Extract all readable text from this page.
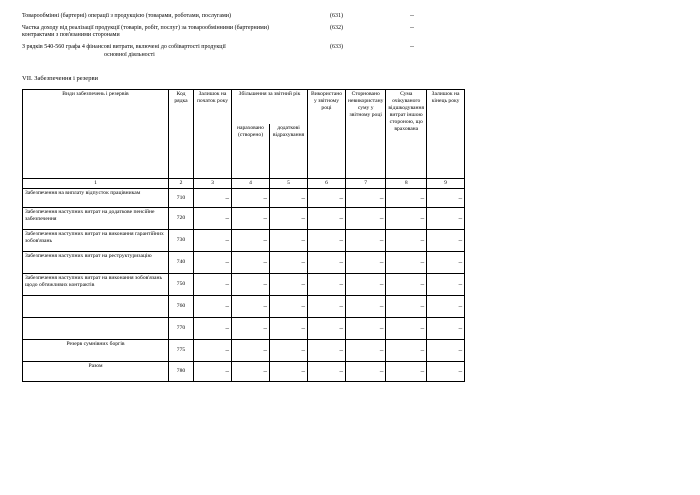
Товарообмінні (бартерні) операції з продукцією (товарами, роботами, послугами)	(631)	--
Частка доходу від реалізації продукції (товарів, робіт, послуг) за товарообмінними (бартерними)
контрактами з пов'язаними сторонами
(632)	--
З рядків 540-560 графа 4 фінансові витрати, включені до собівартості продукції
основної діяльності
(633)	--
VII. Забезпечення і резерви
Види забезпечень і резервів	Код рядка	Залишок на початок року	Збільшення за звітний рік		Використано у звітному році	Сторновано невикористану суму у звітному році	Сума очікуваного відшкодування витрат іншою стороною, що врахована	Залишок на кінець року
			нараховано (створено)	додаткові відрахування				
1	2	3	4	5	6	7	8	9
Забезпечення на виплату відпусток працівникам	710	–	–	–	–	–	–	–
Забезпечення наступних витрат на додаткове пенсійне забезпечення	720	–	–	–	–	–	–	–
Забезпечення наступних витрат на виконання гарантійних зобов'язань	730	–	–	–	–	–	–	–
Забезпечення наступних витрат на реструктуризацію	740	–	–	–	–	–	–	–
Забезпечення наступних витрат на виконання зобов'язань щодо обтяжливих контрактів	750	–	–	–	–	–	–	–
	760	–	–	–	–	–	–	–
	770	–	–	–	–	–	–	–
Резерв сумнівних боргів	775	–	–	–	–	–	–	–
Разом	780	–	–	–	–	–	–	–
